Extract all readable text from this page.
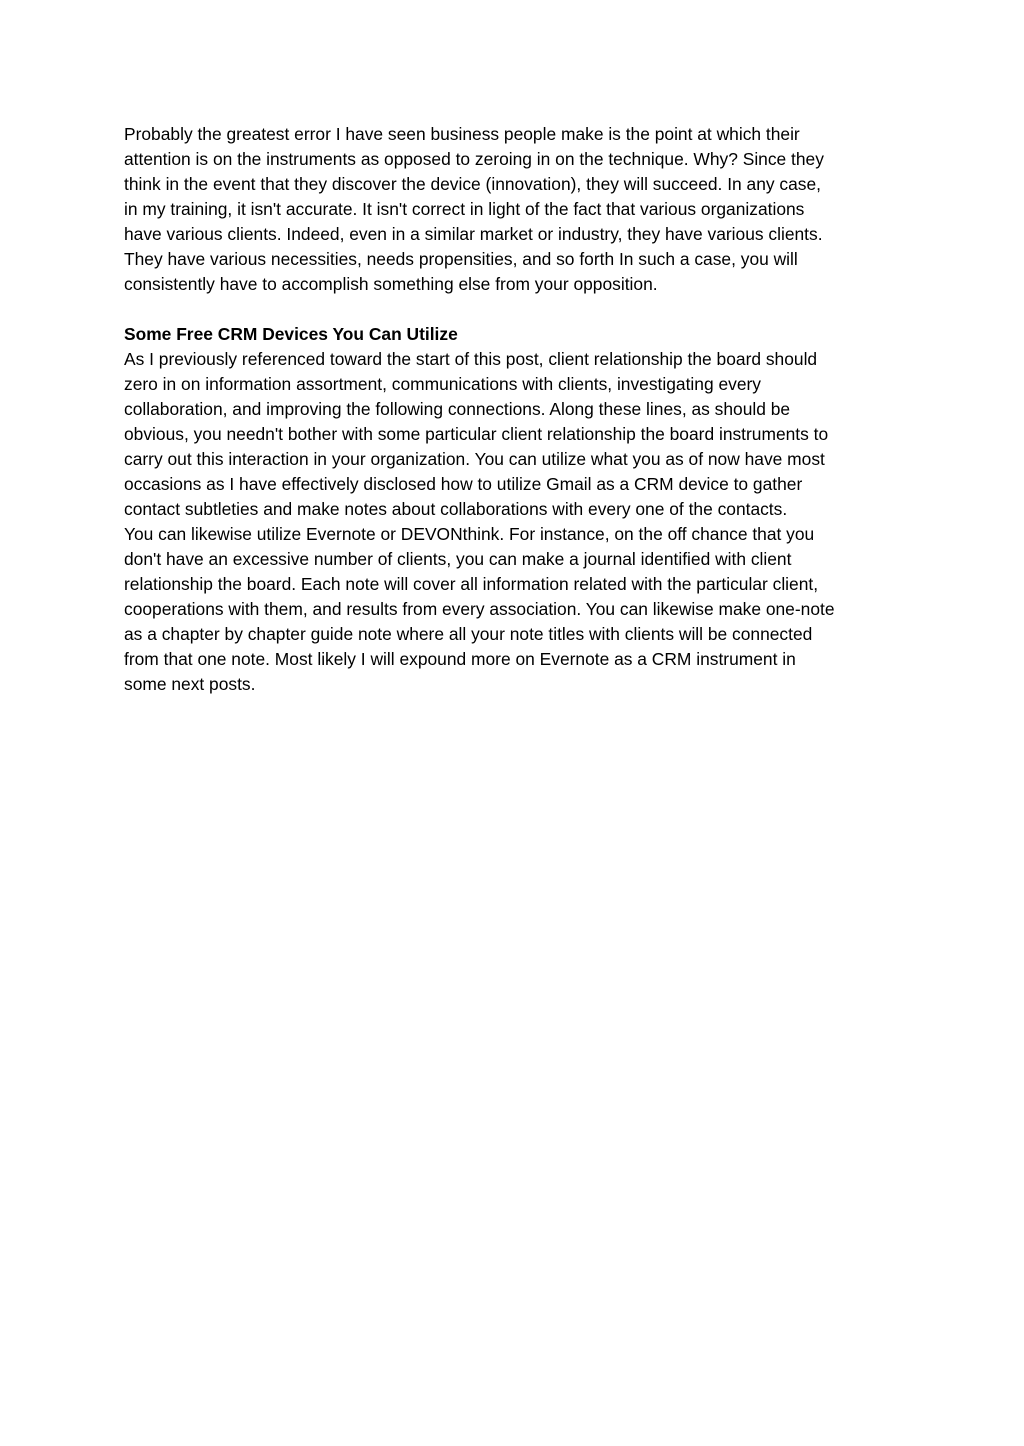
Probably the greatest error I have seen business people make is the point at which their
attention is on the instruments as opposed to zeroing in on the technique. Why? Since they
think in the event that they discover the device (innovation), they will succeed. In any case,
in my training, it isn't accurate. It isn't correct in light of the fact that various organizations
have various clients. Indeed, even in a similar market or industry, they have various clients.
They have various necessities, needs propensities, and so forth In such a case, you will
consistently have to accomplish something else from your opposition.

Some Free CRM Devices You Can Utilize

As I previously referenced toward the start of this post, client relationship the board should
zero in on information assortment, communications with clients, investigating every
collaboration, and improving the following connections. Along these lines, as should be
obvious, you needn't bother with some particular client relationship the board instruments to
carry out this interaction in your organization. You can utilize what you as of now have most
occasions as I have effectively disclosed how to utilize Gmail as a CRM device to gather
contact subtleties and make notes about collaborations with every one of the contacts.

You can likewise utilize Evernote or DEVONthink. For instance, on the off chance that you
don't have an excessive number of clients, you can make a journal identified with client
relationship the board. Each note will cover all information related with the particular client,
cooperations with them, and results from every association. You can likewise make one-note
as a chapter by chapter guide note where all your note titles with clients will be connected
from that one note. Most likely I will expound more on Evernote as a CRM instrument in
some next posts.
